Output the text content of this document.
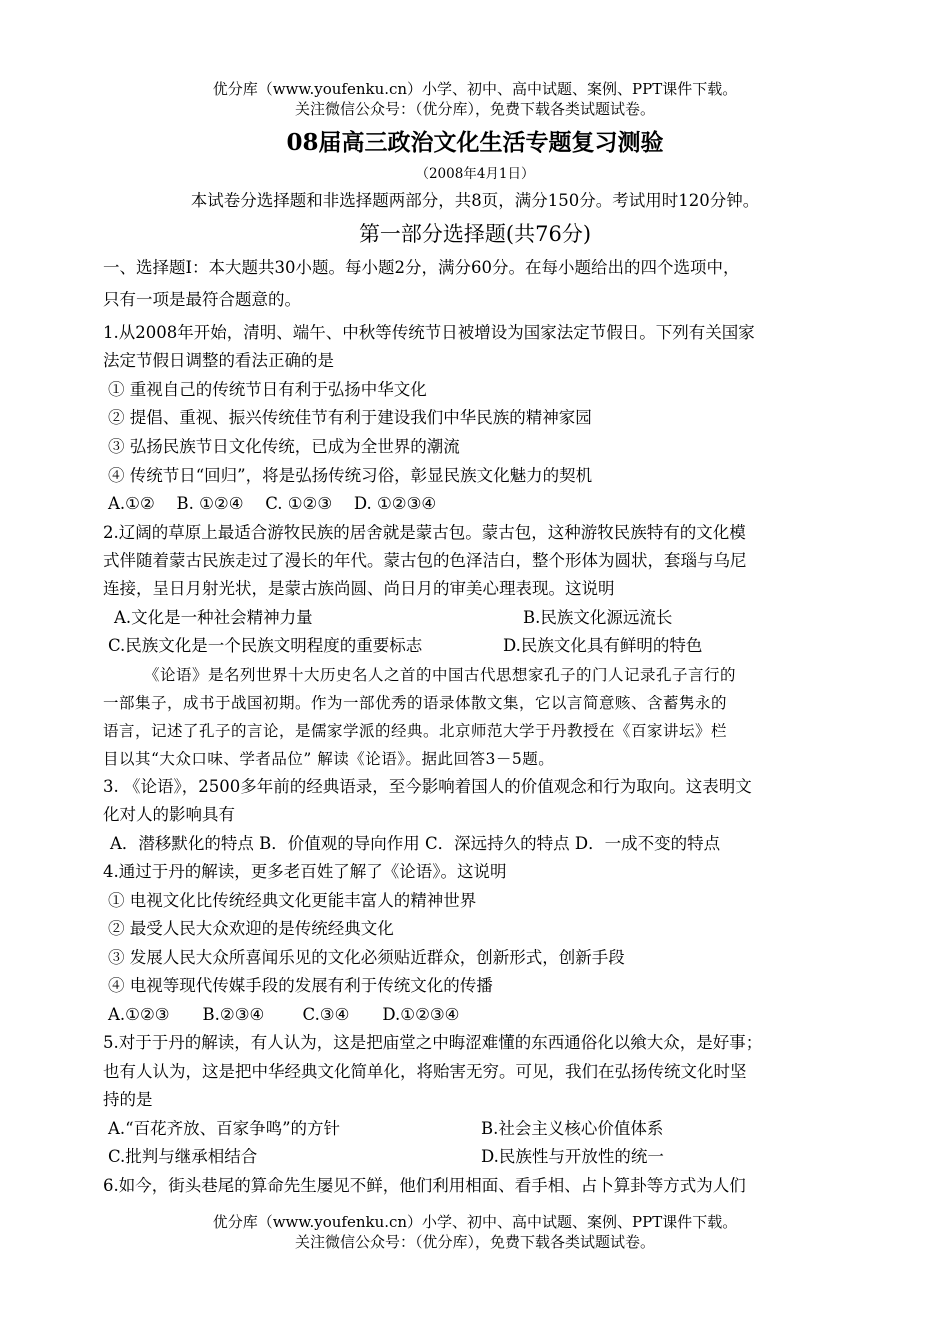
优分库（www.youfenku.cn）小学、初中、高中试题、案例、PPT课件下载。
关注微信公众号：（优分库），免费下载各类试题试卷。
08届高三政治文化生活专题复习测验
（2008年4月1日）
本试卷分选择题和非选择题两部分，共8页，满分150分。考试用时120分钟。
第一部分选择题(共76分)
一、选择题Ⅰ：本大题共30小题。每小题2分，满分60分。在每小题给出的四个选项中，
只有一项是最符合题意的。
1.从2008年开始，清明、端午、中秋等传统节日被增设为国家法定节假日。下列有关国家
法定节假日调整的看法正确的是
① 重视自己的传统节日有利于弘扬中华文化
② 提倡、重视、振兴传统佳节有利于建设我们中华民族的精神家园
③ 弘扬民族节日文化传统，已成为全世界的潮流
④ 传统节日“回归”，将是弘扬传统习俗，彰显民族文化魅力的契机
A.①②　 B. ①②④　 C. ①②③　 D. ①②③④
2.辽阔的草原上最适合游牧民族的居舍就是蒙古包。蒙古包，这种游牧民族特有的文化模
式伴随着蒙古民族走过了漫长的年代。蒙古包的色泽洁白，整个形体为圆状，套瑙与乌尼
连接，呈日月射光状，是蒙古族尚圆、尚日月的审美心理表现。这说明
A.文化是一种社会精神力量	B.民族文化源远流长
C.民族文化是一个民族文明程度的重要标志	D.民族文化具有鲜明的特色
《论语》是名列世界十大历史名人之首的中国古代思想家孔子的门人记录孔子言行的
一部集子，成书于战国初期。作为一部优秀的语录体散文集，它以言简意赅、含蓄隽永的
语言，记述了孔子的言论，是儒家学派的经典。北京师范大学于丹教授在《百家讲坛》栏
目以其“大众口味、学者品位” 解读《论语》。据此回答3－5题。
3. 《论语》，2500多年前的经典语录，至今影响着国人的价值观念和行为取向。这表明文
化对人的影响具有
A．潜移默化的特点 B．价值观的导向作用 C．深远持久的特点 D．一成不变的特点
4.通过于丹的解读，更多老百姓了解了《论语》。这说明
① 电视文化比传统经典文化更能丰富人的精神世界
② 最受人民大众欢迎的是传统经典文化
③ 发展人民大众所喜闻乐见的文化必须贴近群众，创新形式，创新手段
④ 电视等现代传媒手段的发展有利于传统文化的传播
A.①②③　　B.②③④　　 C.③④　　D.①②③④
5.对于于丹的解读，有人认为，这是把庙堂之中晦涩难懂的东西通俗化以飨大众，是好事；
也有人认为，这是把中华经典文化简单化，将贻害无穷。可见，我们在弘扬传统文化时坚
持的是
A.“百花齐放、百家争鸣”的方针	B.社会主义核心价值体系
C.批判与继承相结合	D.民族性与开放性的统一
6.如今，街头巷尾的算命先生屡见不鲜，他们利用相面、看手相、占卜算卦等方式为人们
优分库（www.youfenku.cn）小学、初中、高中试题、案例、PPT课件下载。
关注微信公众号：（优分库），免费下载各类试题试卷。
